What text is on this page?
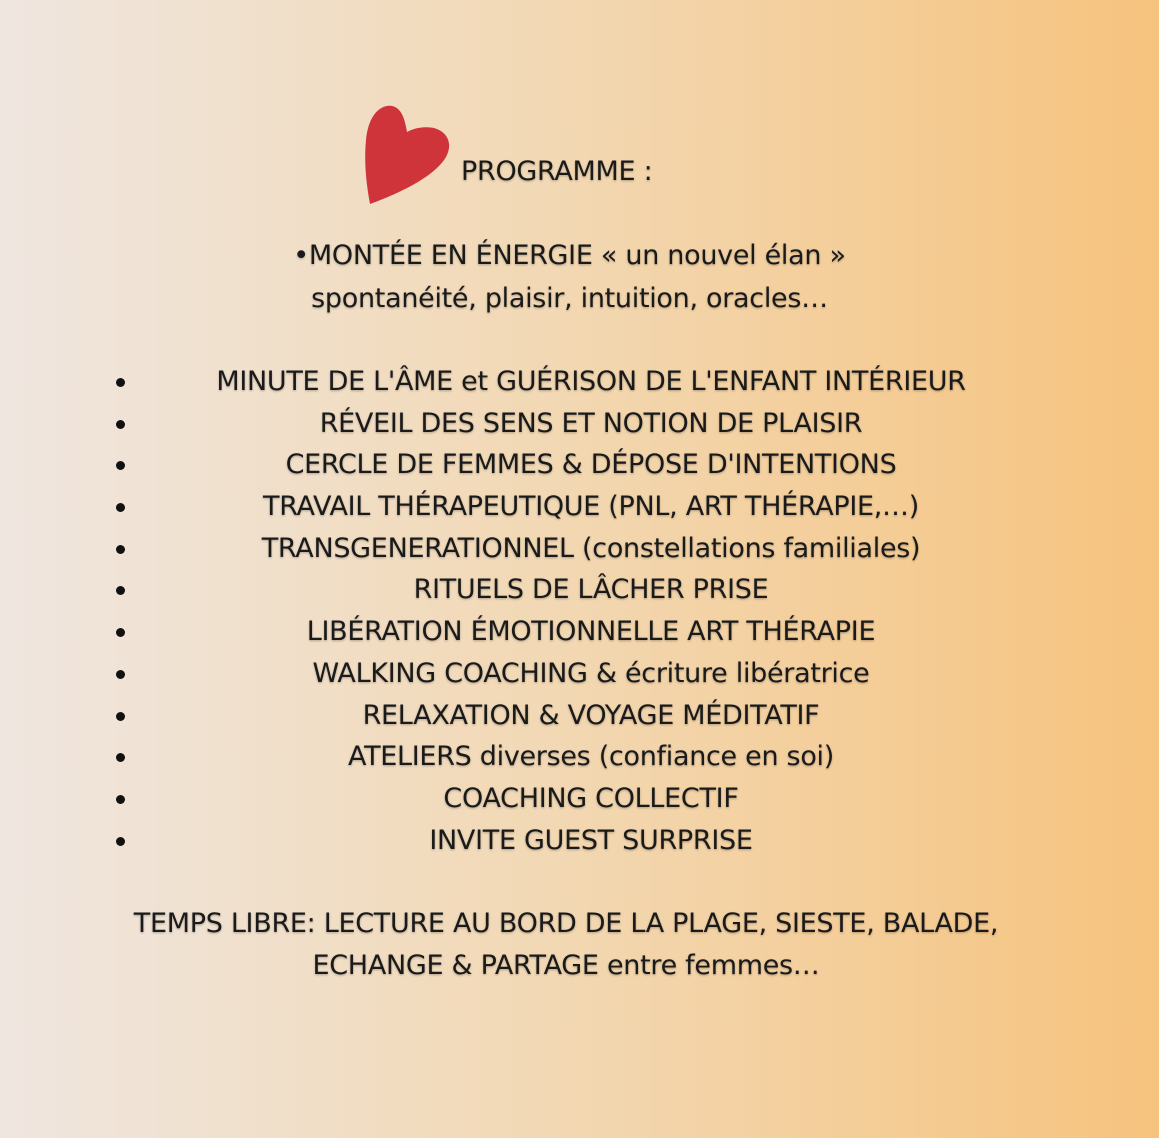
PROGRAMME :
•MONTÉE EN ÉNERGIE « un nouvel élan »
spontanéité, plaisir, intuition, oracles…
MINUTE DE L'ÂME et GUÉRISON DE L'ENFANT INTÉRIEUR
RÉVEIL DES SENS ET NOTION DE PLAISIR
CERCLE DE FEMMES & DÉPOSE D'INTENTIONS
TRAVAIL THÉRAPEUTIQUE (PNL, ART THÉRAPIE,…)
TRANSGENERATIONNEL (constellations familiales)
RITUELS DE LÂCHER PRISE
LIBÉRATION ÉMOTIONNELLE ART THÉRAPIE
WALKING COACHING & écriture libératrice
RELAXATION & VOYAGE MÉDITATIF
ATELIERS diverses (confiance en soi)
COACHING COLLECTIF
INVITE GUEST SURPRISE
TEMPS LIBRE: LECTURE AU BORD DE LA PLAGE, SIESTE, BALADE,
ECHANGE & PARTAGE entre femmes…
